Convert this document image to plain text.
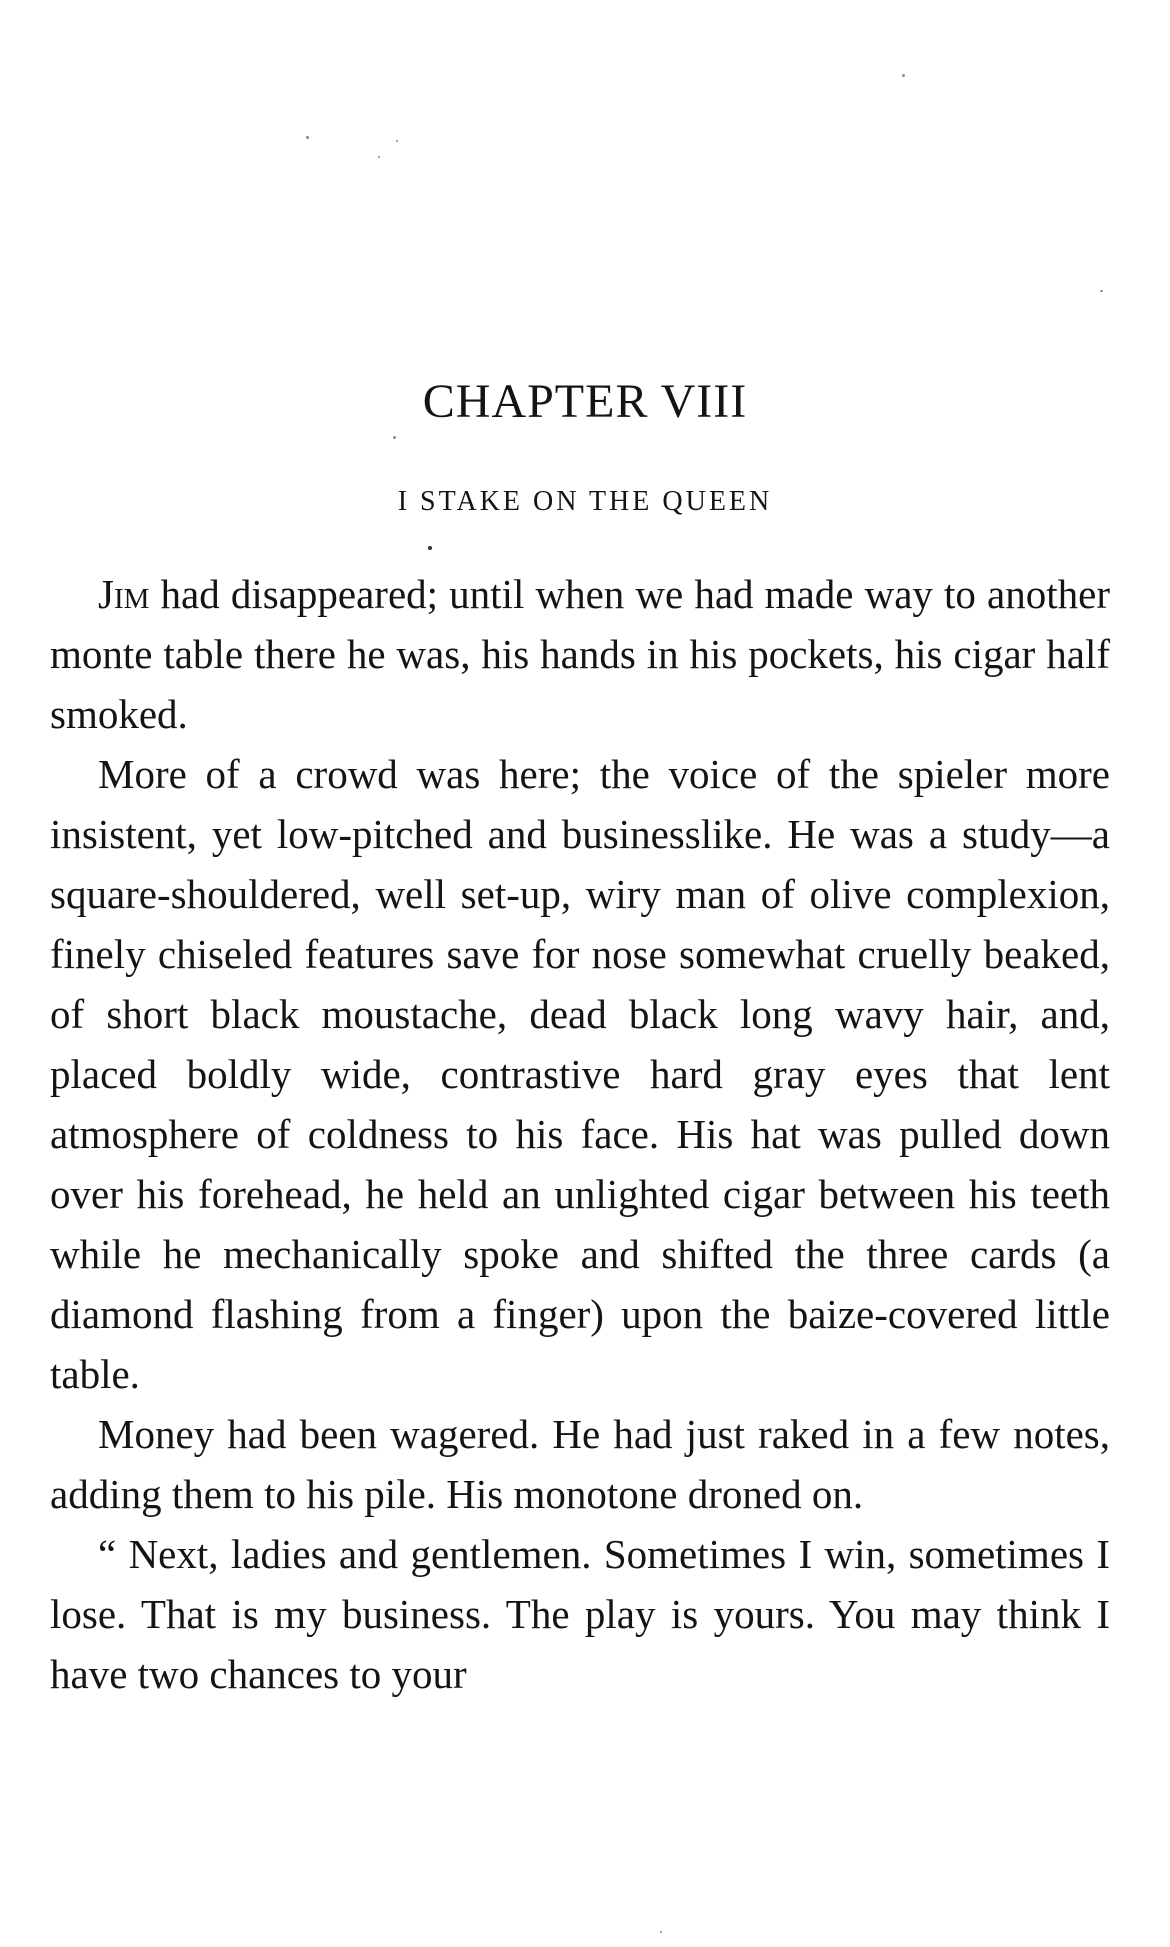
CHAPTER VIII
I STAKE ON THE QUEEN

Jim had disappeared; until when we had made way to another monte table there he was, his hands in his pockets, his cigar half smoked.

More of a crowd was here; the voice of the spieler more insistent, yet low-pitched and businesslike. He was a study—a square-shouldered, well set-up, wiry man of olive complexion, finely chiseled features save for nose somewhat cruelly beaked, of short black moustache, dead black long wavy hair, and, placed boldly wide, contrastive hard gray eyes that lent atmosphere of coldness to his face. His hat was pulled down over his forehead, he held an unlighted cigar between his teeth while he mechanically spoke and shifted the three cards (a diamond flashing from a finger) upon the baize-covered little table.

Money had been wagered. He had just raked in a few notes, adding them to his pile. His monotone droned on.

“ Next, ladies and gentlemen. Sometimes I win, sometimes I lose. That is my business. The play is yours. You may think I have two chances to your
